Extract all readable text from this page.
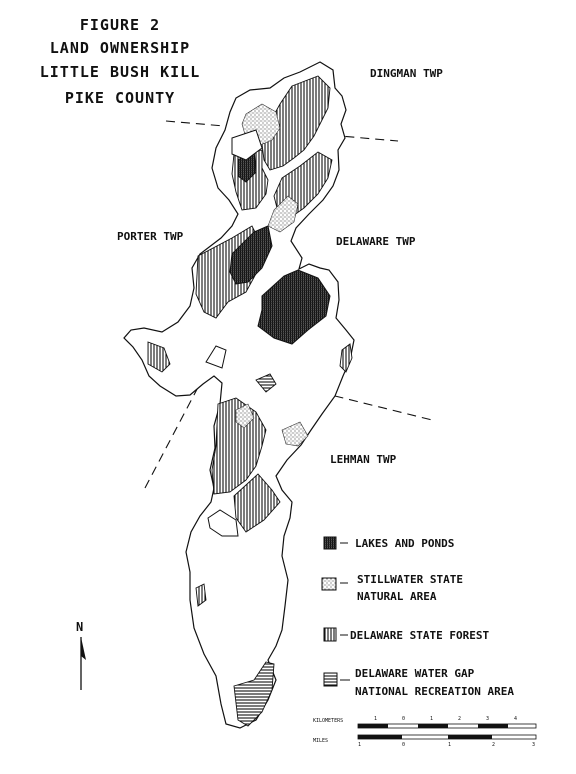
FIGURE 2
LAND OWNERSHIP
LITTLE BUSH KILL
PIKE COUNTY
DINGMAN TWP
PORTER TWP	DELAWARE TWP
LEHMAN TWP
LAKES AND PONDS
STILLWATER STATE
NATURAL AREA
DELAWARE STATE FOREST
DELAWARE WATER GAP
NATIONAL RECREATION AREA
N
KILOMETERS
MILES
1	0	1	2	3	4
1	0	1	2	3
